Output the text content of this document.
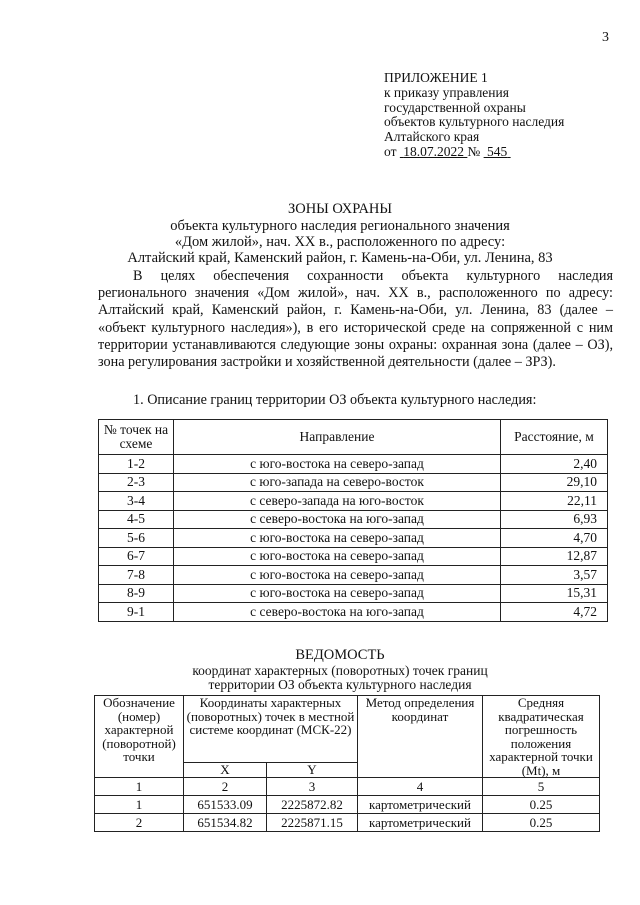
3
ПРИЛОЖЕНИЕ 1
к приказу управления
государственной охраны
объектов культурного наследия
Алтайского края
от 18.07.2022 № 545
ЗОНЫ ОХРАНЫ
объекта культурного наследия регионального значения
«Дом жилой», нач. ХХ в., расположенного по адресу:
Алтайский край, Каменский район, г. Камень-на-Оби, ул. Ленина, 83
В целях обеспечения сохранности объекта культурного наследия регионального значения «Дом жилой», нач. ХХ в., расположенного по адресу: Алтайский край, Каменский район, г. Камень-на-Оби, ул. Ленина, 83 (далее – «объект культурного наследия»), в его исторической среде на сопряженной с ним территории устанавливаются следующие зоны охраны: охранная зона (далее – ОЗ), зона регулирования застройки и хозяйственной деятельности (далее – ЗРЗ).
1. Описание границ территории ОЗ объекта культурного наследия:
№ точек на схеме	Направление	Расстояние, м
1-2	с юго-востока на северо-запад	2,40
2-3	с юго-запада на северо-восток	29,10
3-4	с северо-запада на юго-восток	22,11
4-5	с северо-востока на юго-запад	6,93
5-6	с юго-востока на северо-запад	4,70
6-7	с юго-востока на северо-запад	12,87
7-8	с юго-востока на северо-запад	3,57
8-9	с юго-востока на северо-запад	15,31
9-1	с северо-востока на юго-запад	4,72
ВЕДОМОСТЬ
координат характерных (поворотных) точек границ
территории ОЗ объекта культурного наследия
Обозначение (номер) характерной (поворотной) точки	Координаты характерных (поворотных) точек в местной системе координат (МСК-22)		Метод определения координат	Средняя квадратическая погрешность положения характерной точки (Mt), м
	X	Y		
1	2	3	4	5
1	651533.09	2225872.82	картометрический	0.25
2	651534.82	2225871.15	картометрический	0.25
